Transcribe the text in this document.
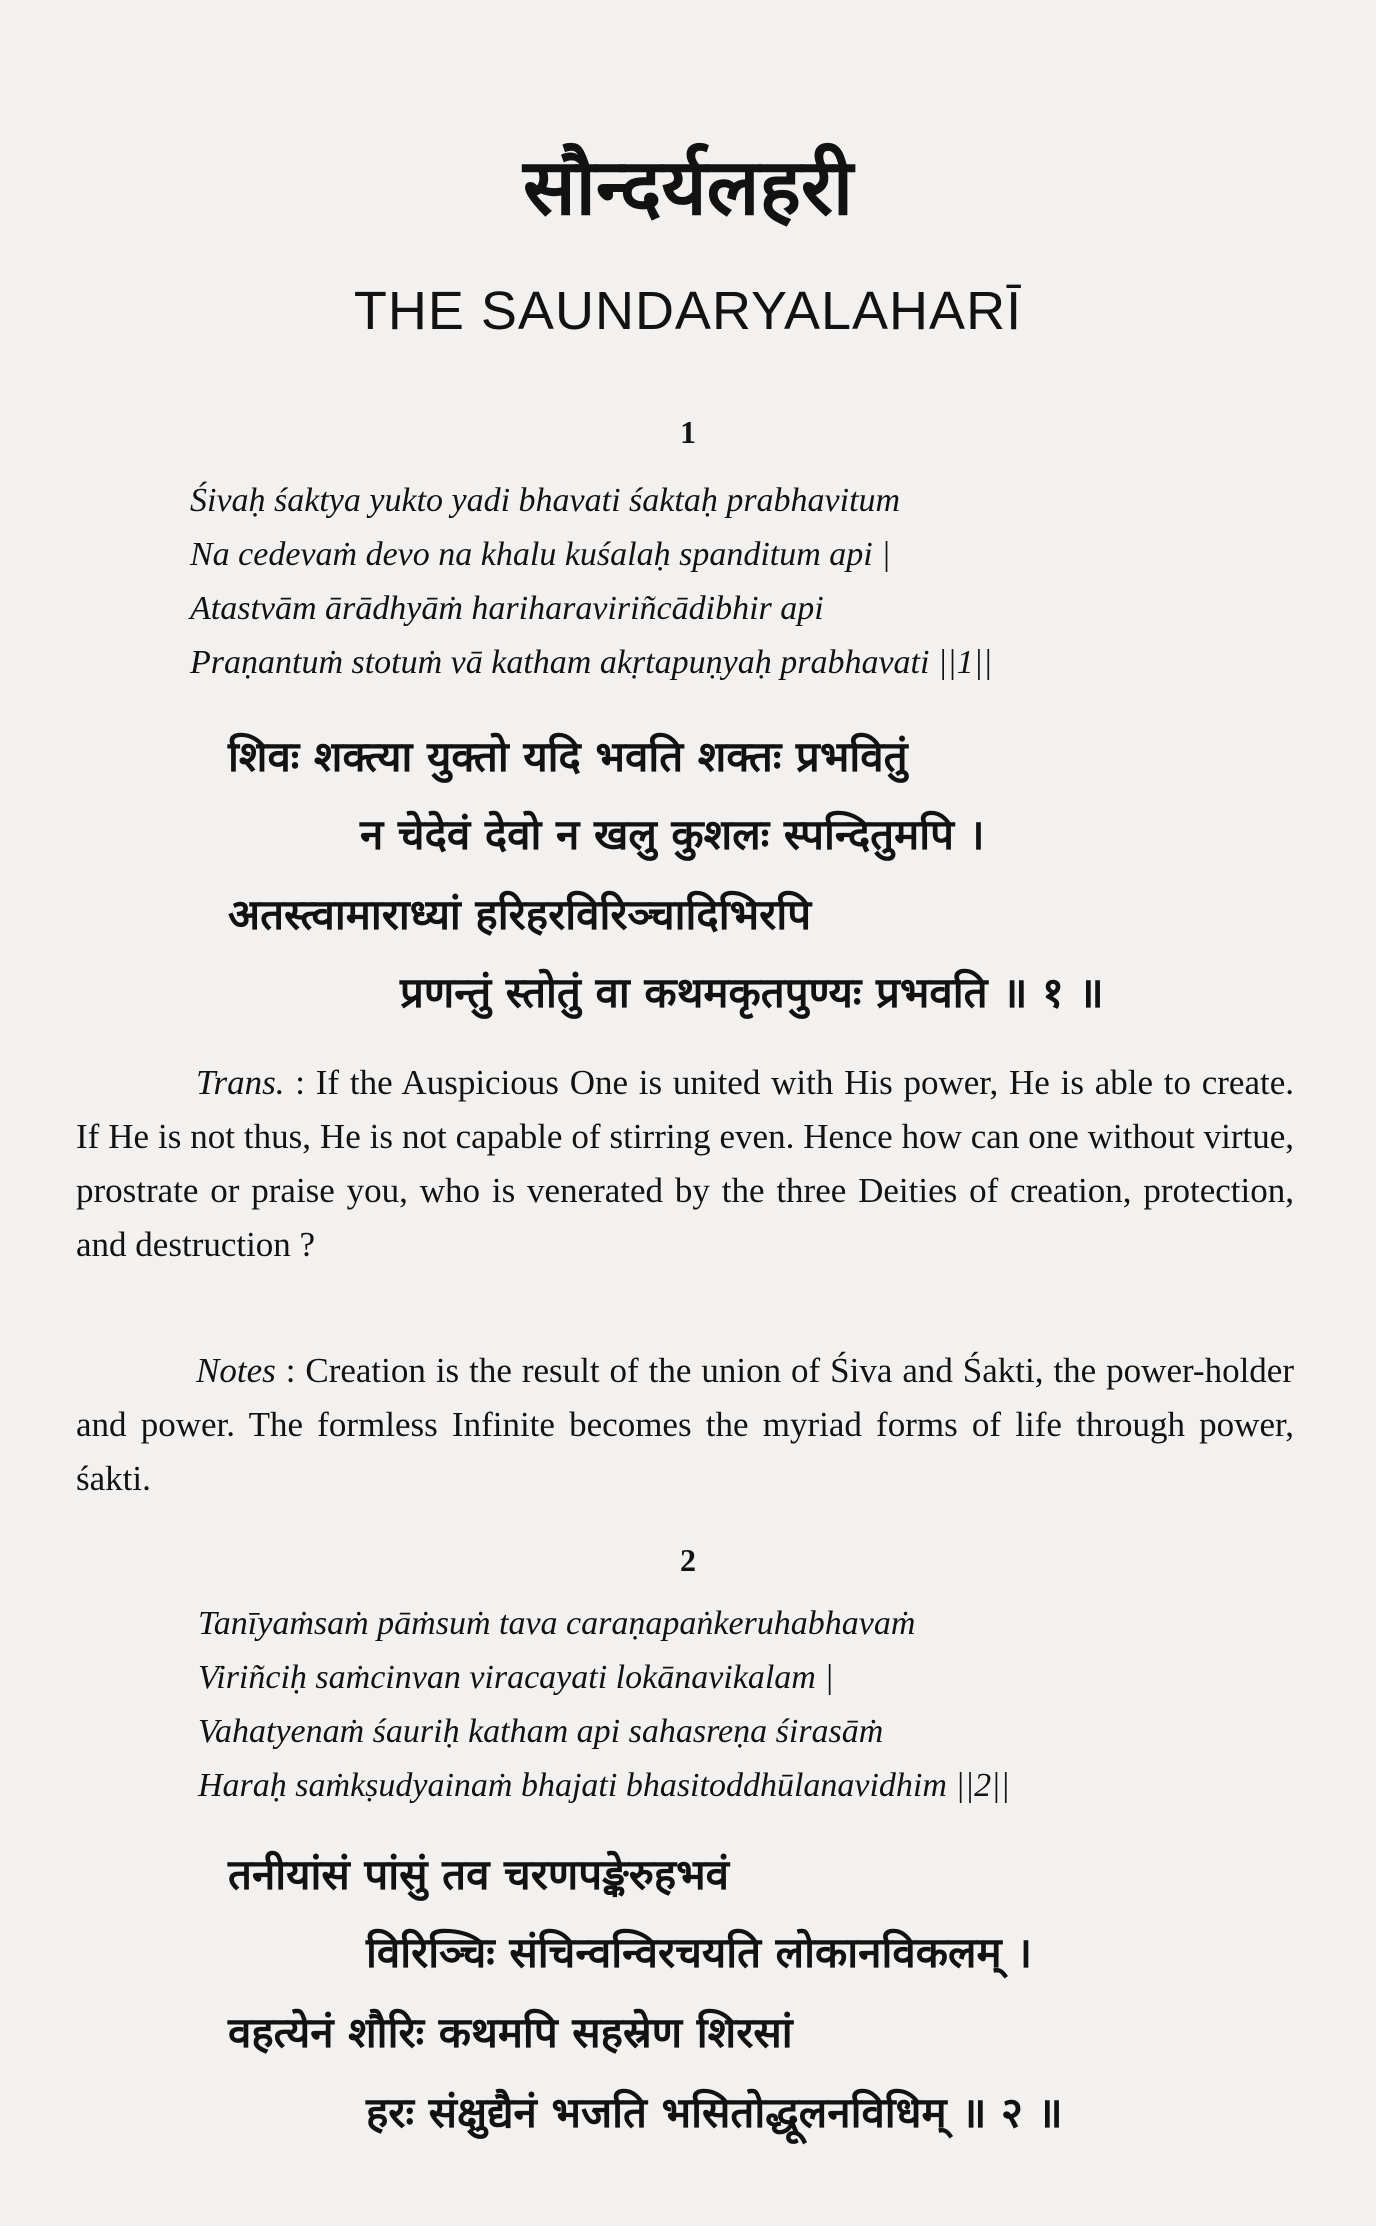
सौन्दर्यलहरी
THE SAUNDARYALAHARĪ
1
Śivaḥ śaktya yukto yadi bhavati śaktaḥ prabhavitum
Na cedevaṁ devo na khalu kuśalaḥ spanditum api |
Atastvām ārādhyāṁ hariharaviriñcādibhir api
Praṇantuṁ stotuṁ vā katham akṛtapuṇyaḥ prabhavati ||1||
शिवः शक्त्या युक्तो यदि भवति शक्तः प्रभवितुं
न चेदेवं देवो न खलु कुशलः स्पन्दितुमपि ।
अतस्त्वामाराध्यां हरिहरविरिञ्चादिभिरपि
प्रणन्तुं स्तोतुं वा कथमकृतपुण्यः प्रभवति ॥ १ ॥
Trans. : If the Auspicious One is united with His power, He is able to create. If He is not thus, He is not capable of stirring even. Hence how can one without virtue, prostrate or praise you, who is venerated by the three Deities of creation, protection, and destruction ?
Notes : Creation is the result of the union of Śiva and Śakti, the power-holder and power. The formless Infinite becomes the myriad forms of life through power, śakti.
2
Tanīyaṁsaṁ pāṁsuṁ tava caraṇapaṅkeruhabhavaṁ
Viriñciḥ saṁcinvan viracayati lokānavikalam |
Vahatyenaṁ śauriḥ katham api sahasreṇa śirasāṁ
Haraḥ saṁkṣudyainaṁ bhajati bhasitoddhūlanavidhim ||2||
तनीयांसं पांसुं तव चरणपङ्केरुहभवं
विरिञ्चिः संचिन्वन्विरचयति लोकानविकलम् ।
वहत्येनं शौरिः कथमपि सहस्रेण शिरसां
हरः संक्षुद्यैनं भजति भसितोद्धूलनविधिम् ॥ २ ॥
